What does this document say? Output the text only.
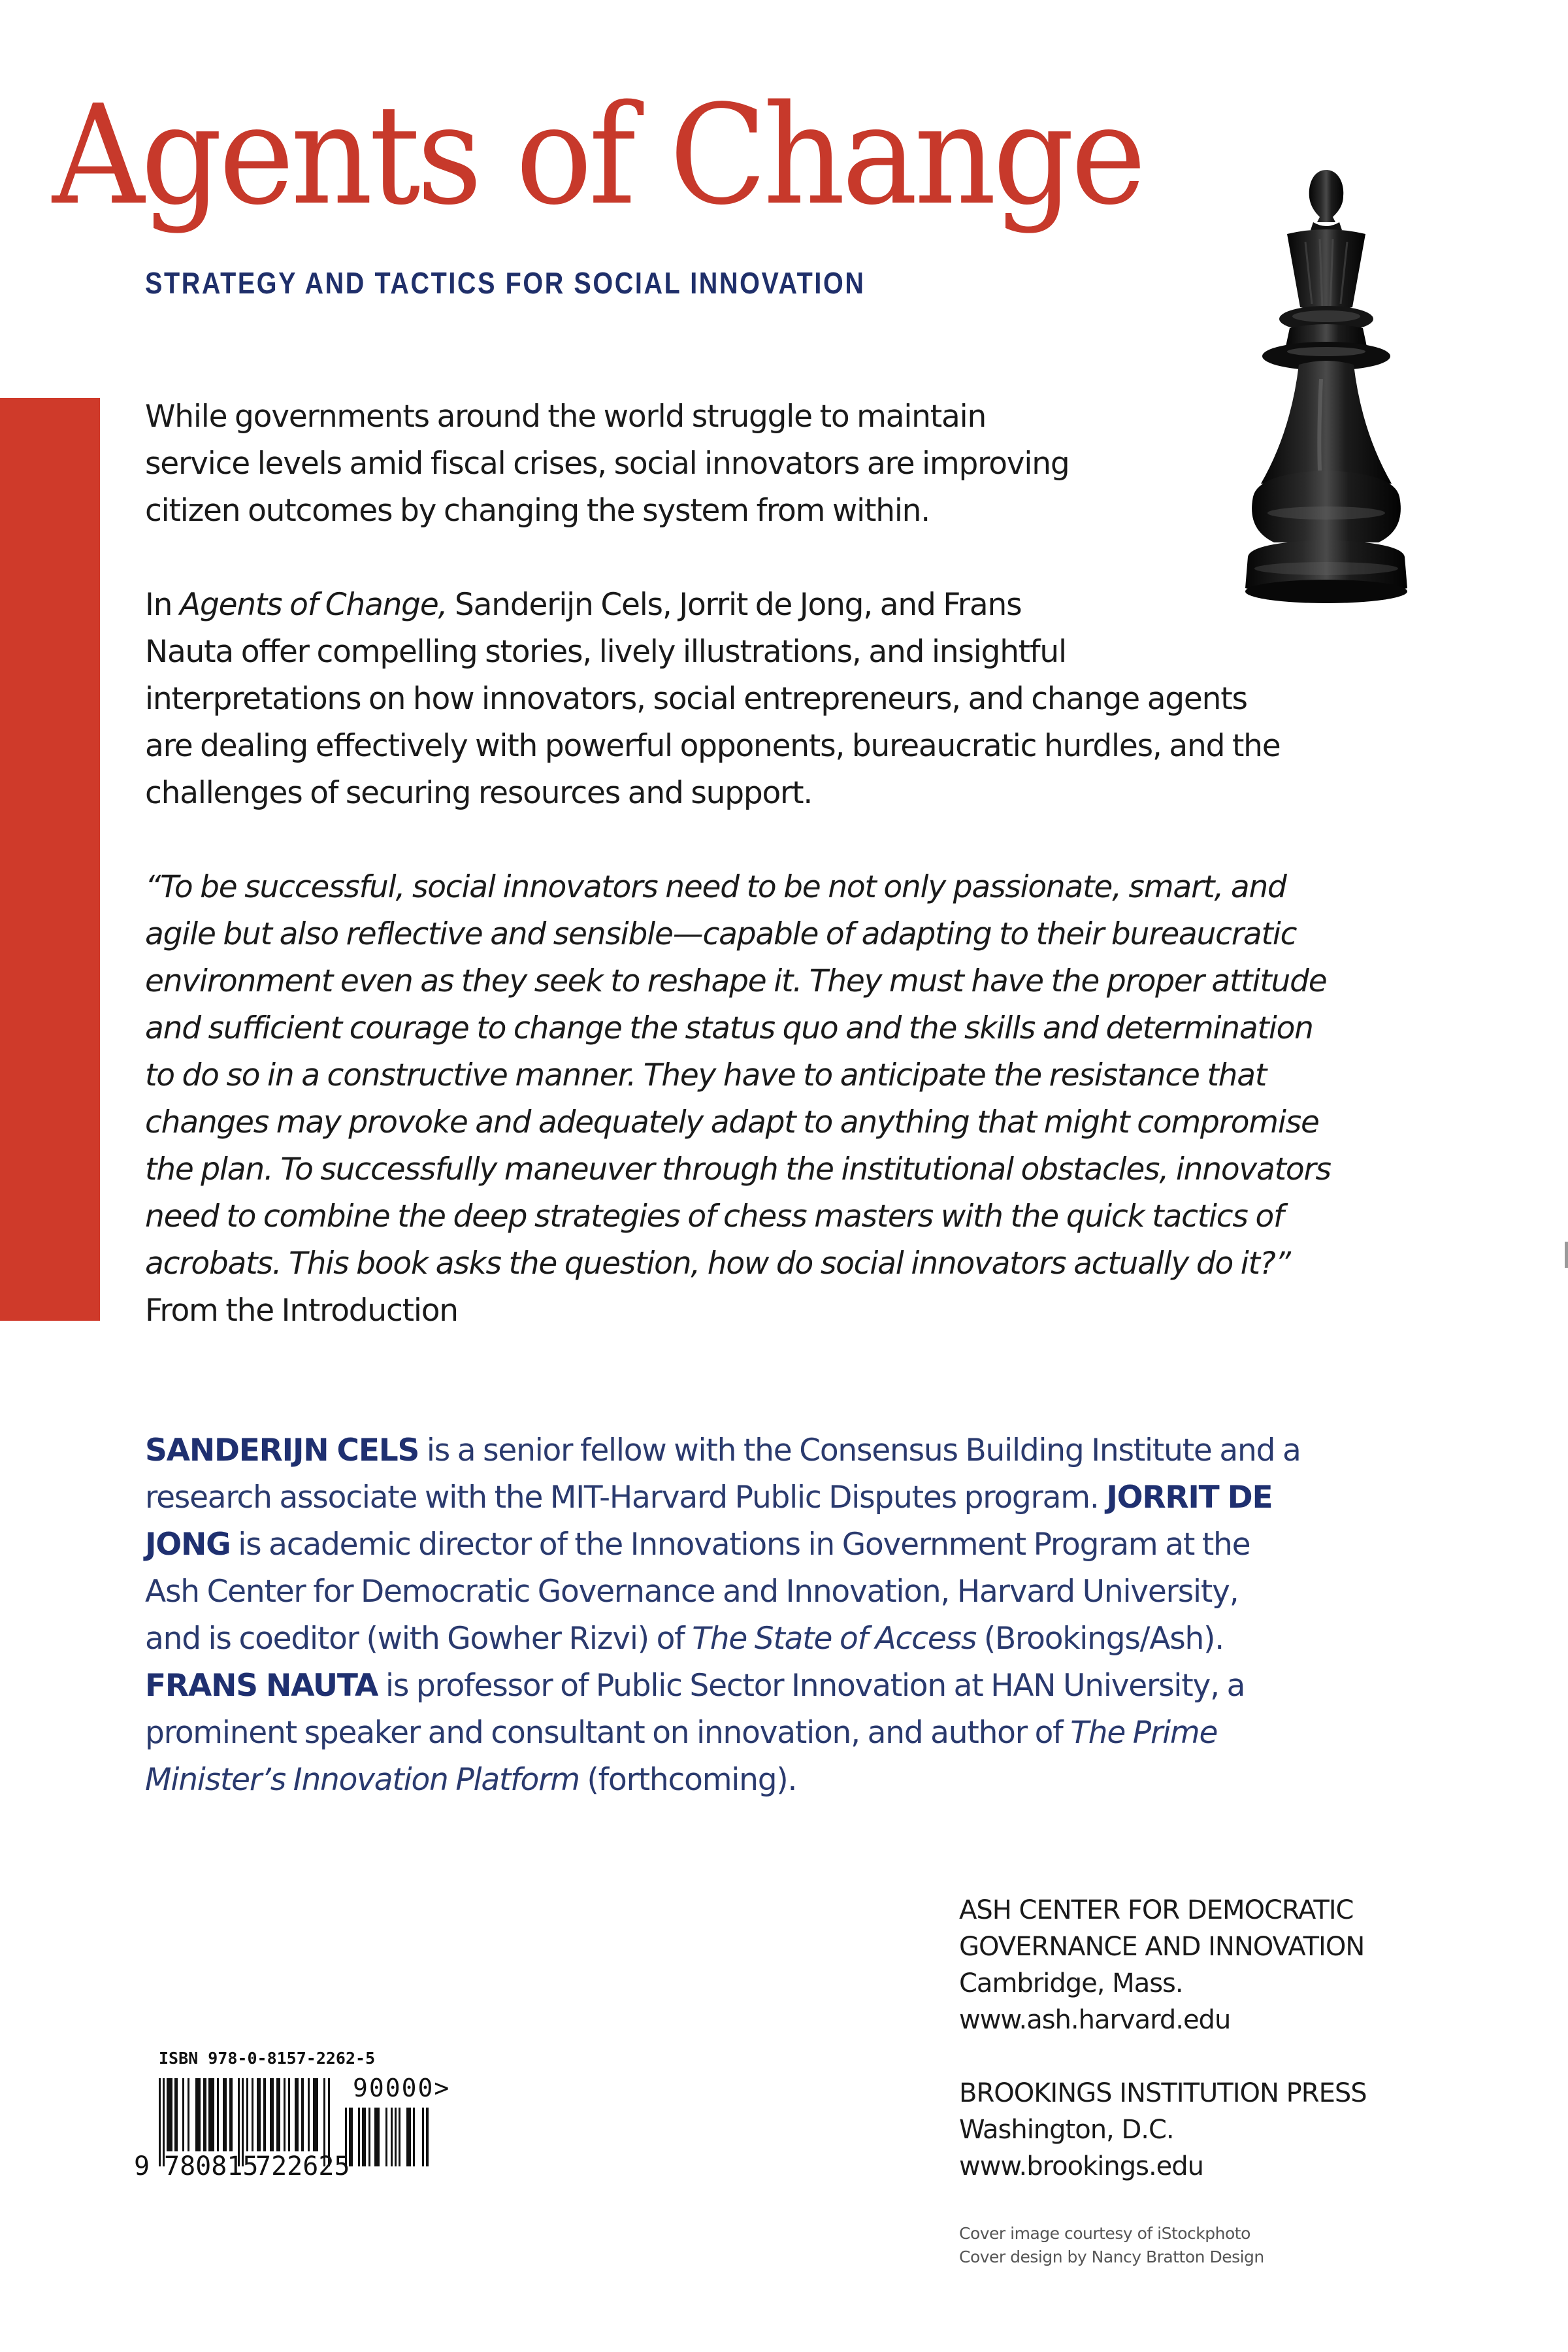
Agents of Change
STRATEGY AND TACTICS FOR SOCIAL INNOVATION
While governments around the world struggle to maintain
service levels amid fiscal crises, social innovators are improving
citizen outcomes by changing the system from within.
In Agents of Change, Sanderijn Cels, Jorrit de Jong, and Frans
Nauta offer compelling stories, lively illustrations, and insightful
interpretations on how innovators, social entrepreneurs, and change agents
are dealing effectively with powerful opponents, bureaucratic hurdles, and the
challenges of securing resources and support.
“To be successful, social innovators need to be not only passionate, smart, and
agile but also reflective and sensible—capable of adapting to their bureaucratic
environment even as they seek to reshape it. They must have the proper attitude
and sufficient courage to change the status quo and the skills and determination
to do so in a constructive manner. They have to anticipate the resistance that
changes may provoke and adequately adapt to anything that might compromise
the plan. To successfully maneuver through the institutional obstacles, innovators
need to combine the deep strategies of chess masters with the quick tactics of
acrobats. This book asks the question, how do social innovators actually do it?”
From the Introduction
SANDERIJN CELS is a senior fellow with the Consensus Building Institute and a
research associate with the MIT-Harvard Public Disputes program. JORRIT DE
JONG is academic director of the Innovations in Government Program at the
Ash Center for Democratic Governance and Innovation, Harvard University,
and is coeditor (with Gowher Rizvi) of The State of Access (Brookings/Ash).
FRANS NAUTA is professor of Public Sector Innovation at HAN University, a
prominent speaker and consultant on innovation, and author of The Prime
Minister’s Innovation Platform (forthcoming).
ISBN 978-0-8157-2262-5
90000>
9 780815722625
ASH CENTER FOR DEMOCRATIC
GOVERNANCE AND INNOVATION
Cambridge, Mass.
www.ash.harvard.edu
BROOKINGS INSTITUTION PRESS
Washington, D.C.
www.brookings.edu
Cover image courtesy of iStockphoto
Cover design by Nancy Bratton Design
